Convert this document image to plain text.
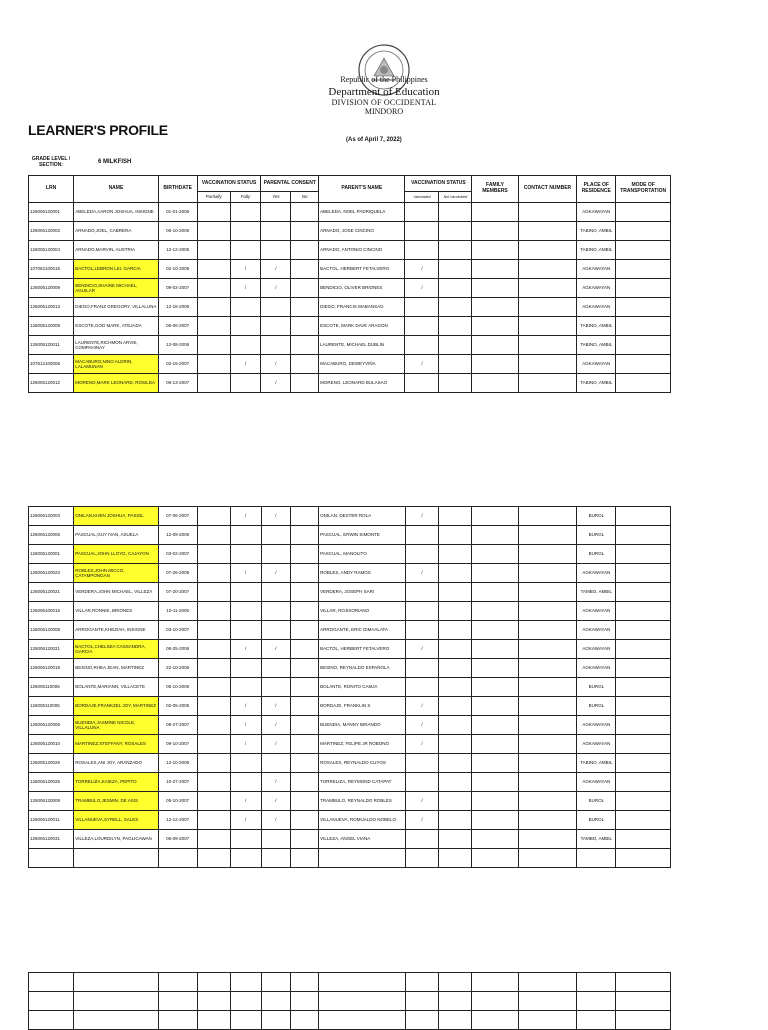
Republic of the Philippines
Department of Education
DIVISION OF OCCIDENTAL
MINDORO
LEARNER'S PROFILE
(As of April 7, 2022)
GRADE LEVEL / SECTION:	6 MILKFISH
LRN	NAME	BIRTHDATE	VACCINATION STATUS		PARENTAL CONSENT		PARENT'S NAME	VACCINATION STATUS		FAMILY MEMBERS	CONTACT NUMBER	PLACE OF RESIDENCE	MODE OF TRANSPORTATION
			Partially	Fully	Yes	No		Vaccinated	Not Vaccinated				
126006120001	ABELEDA,AARON JOSHUA, INSIGNE	01-01-2006					ABELEDA, NOEL PADRIQUELA					AGKAWAYAN	
126006120002	ARNADO,JOEL, CABRERA	06-10-2006					ARNADO, JOSE CINCINO					TABINO, AMBIL	
126006120004	ARNADO,MARVIN, AUSTRIA	12-12-2005					ARNADO, ANTONIO CINCINO					TABINO, AMBIL	
107062100015	BACTOL,LEBRON LEI, GARCIA	02-10-2005		/	/		BACTOL, HERBERT FETALVERO	/				AGKAWAYAN	
126006120009	BENDICIO,SHAINE MICHAEL, AGUILAR	09-02-2007		/	/		BENDICIO, OLIVER BRIONES	/				AGKAWAYAN	
126006120013	DIEGO,FRANZ GREGORY, VILLALUNA	12-16-2006					DIEGO, FRANCIS MABANSAG					AGKAWAYAN	
126005120009	ESCOTE,GOD MARK, ATEJADA	06-06-2007					ESCOTE, MARK DAVE ARAGON					TABINO, AMBIL	
126005120011	LAURENTE,RICHMON ARVIE, COMPAHINAY	12-08-2006					LAURENTE, MICHAEL DUBLIN					TABINO, AMBIL	
107612100006	MACABURO,NINO ALDRIN, LALAMUNAN	02-15-2007		/	/		MACABURO, DEWEYVIÑA	/				AGKAWAYAN	
126005120012	MORENO,MARK LEONARD, ROSILDA	06-13-2007			/		MORENO, LEONARD BULASAO					TABINO, AMBIL	
126006120003	ONILAN,KHEN JOSHUA, PASIOL	07-06-2007		/	/		ONILAN, DEXTER ROLA	/				BUROL	
126006120006	PASCUAL,GUY IVAN, ASUELA	12-09-2006					PASCUAL, ERWIN SIMONTE					BUROL	
126006120001	PASCUAL,JOHN LLOYD, CAJAYON	03-02-2007					PASCUAL, MANOLITO					BUROL	
126006120023	ROBLES,JOHN MICCO, CATAMPONGAN	07-26-2005		/	/		ROBLES, ANDY RAMOS	/				AGKAWAYAN	
126006120021	VERDERA,JOHN MICHAEL, VILLEZA	07-20-2007					VERDERA, JOSEPH SARI					TAMBO, AMBIL	
126006100016	VILLAR,RONNIE, BRIONES	10-11-2006					VILLAR, ROJISORIANO					AGKAWAYAN	
126006120008	ARROGANTE,KHEZIAH, INSIGNE	03-10-2007					ARROGANTE, ERIC DIMAALATA					AGKAWAYAN	
126006120021	BACTOL,CHELSEA CASSANDRA, GARCIA	08-25-2006		/	/		BACTOL, HERBERT FETALVERO	/				AGKAWAYAN	
126006120019	BESINO,RHEA JEAN, MARTINEZ	22-10-2006					BESINO, REYNALDO ESPAÑOLA					AGKAWAYAN	
126005110006	BOLANTE,MARIANN, VILLACETE	05-10-2006					BOLANTE, RONITO CAMJA					BUROL	
126005110005	BORDAJE,FRANKZEL JOY, MARTINEZ	02-05-2005		/	/		BORDAJE, FRANKLIN S	/				BUROL	
126006120006	BUENDIA,JASMINE NICOLE, VILLALUNA	09-27-2007		/	/		BUENDIA, MANNY BIRANDO	/				AGKAWAYAN	
126006120010	MARTINEZ,STEFFANY, ROSALES	09-10-2007		/	/		MARTINEZ, FELIPE JR ROBONO	/				AGKAWAYAN	
126005120026	ROSALES,ANI JOY, ARANZADO	12-10-2006					ROSALES, REYNALDO CUYOS					TABINO, AMBIL	
126006120025	TORRELIZA,KAIEZA, PEPITO	10-27-2007			/		TORRELIZA, REYMOND CATAPAT					AGKAWAYAN	
126006120008	TRAMBULO,JESMIN, DE ASIS	05-10-2007		/	/		TRAMBULO, REYNALDO ROBLES	/				BUROL	
126006120011	VILLANUEVA,SYRELL, SALES	12-12-2007		/	/		VILLANUEVA, ROMUALDO NOBELO	/				BUROL	
126006120031	VILLEZA,LOURDILYN, PAGLICAWAN	06-09-2007					VILLEZA, ANGEL VIANA					TAMBO, AMBIL	
